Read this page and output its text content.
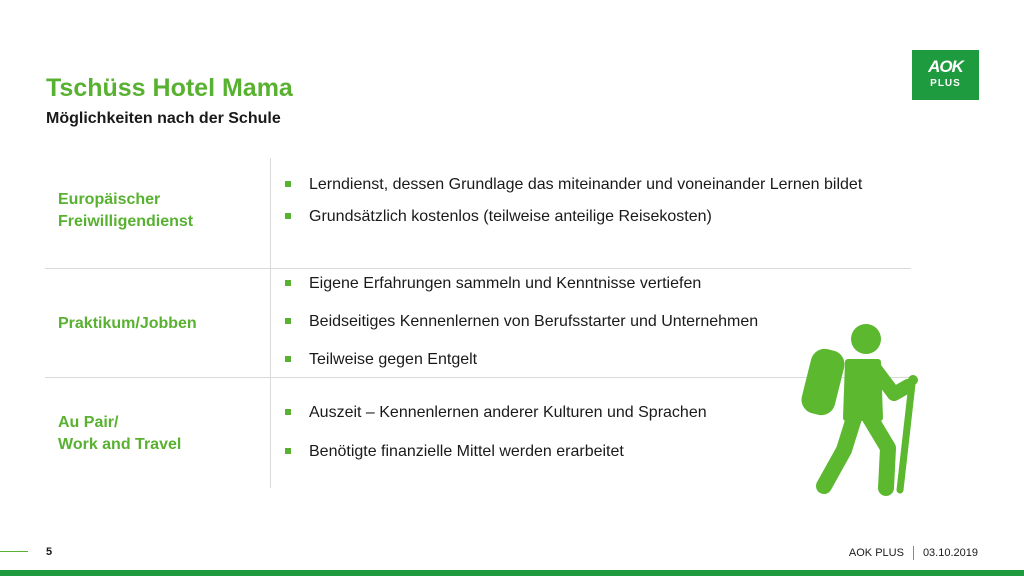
Tschüss Hotel Mama
Möglichkeiten nach der Schule
AOK
PLUS
Europäischer
Freiwilligendienst
Lerndienst, dessen Grundlage das miteinander und voneinander Lernen bildet
Grundsätzlich kostenlos (teilweise anteilige Reisekosten)
Praktikum/Jobben
Eigene Erfahrungen sammeln und Kenntnisse vertiefen
Beidseitiges Kennenlernen von Berufsstarter und Unternehmen
Teilweise gegen Entgelt
Au Pair/
Work and Travel
Auszeit – Kennenlernen anderer Kulturen und Sprachen
Benötigte finanzielle Mittel werden erarbeitet
5	AOK PLUS 03.10.2019
